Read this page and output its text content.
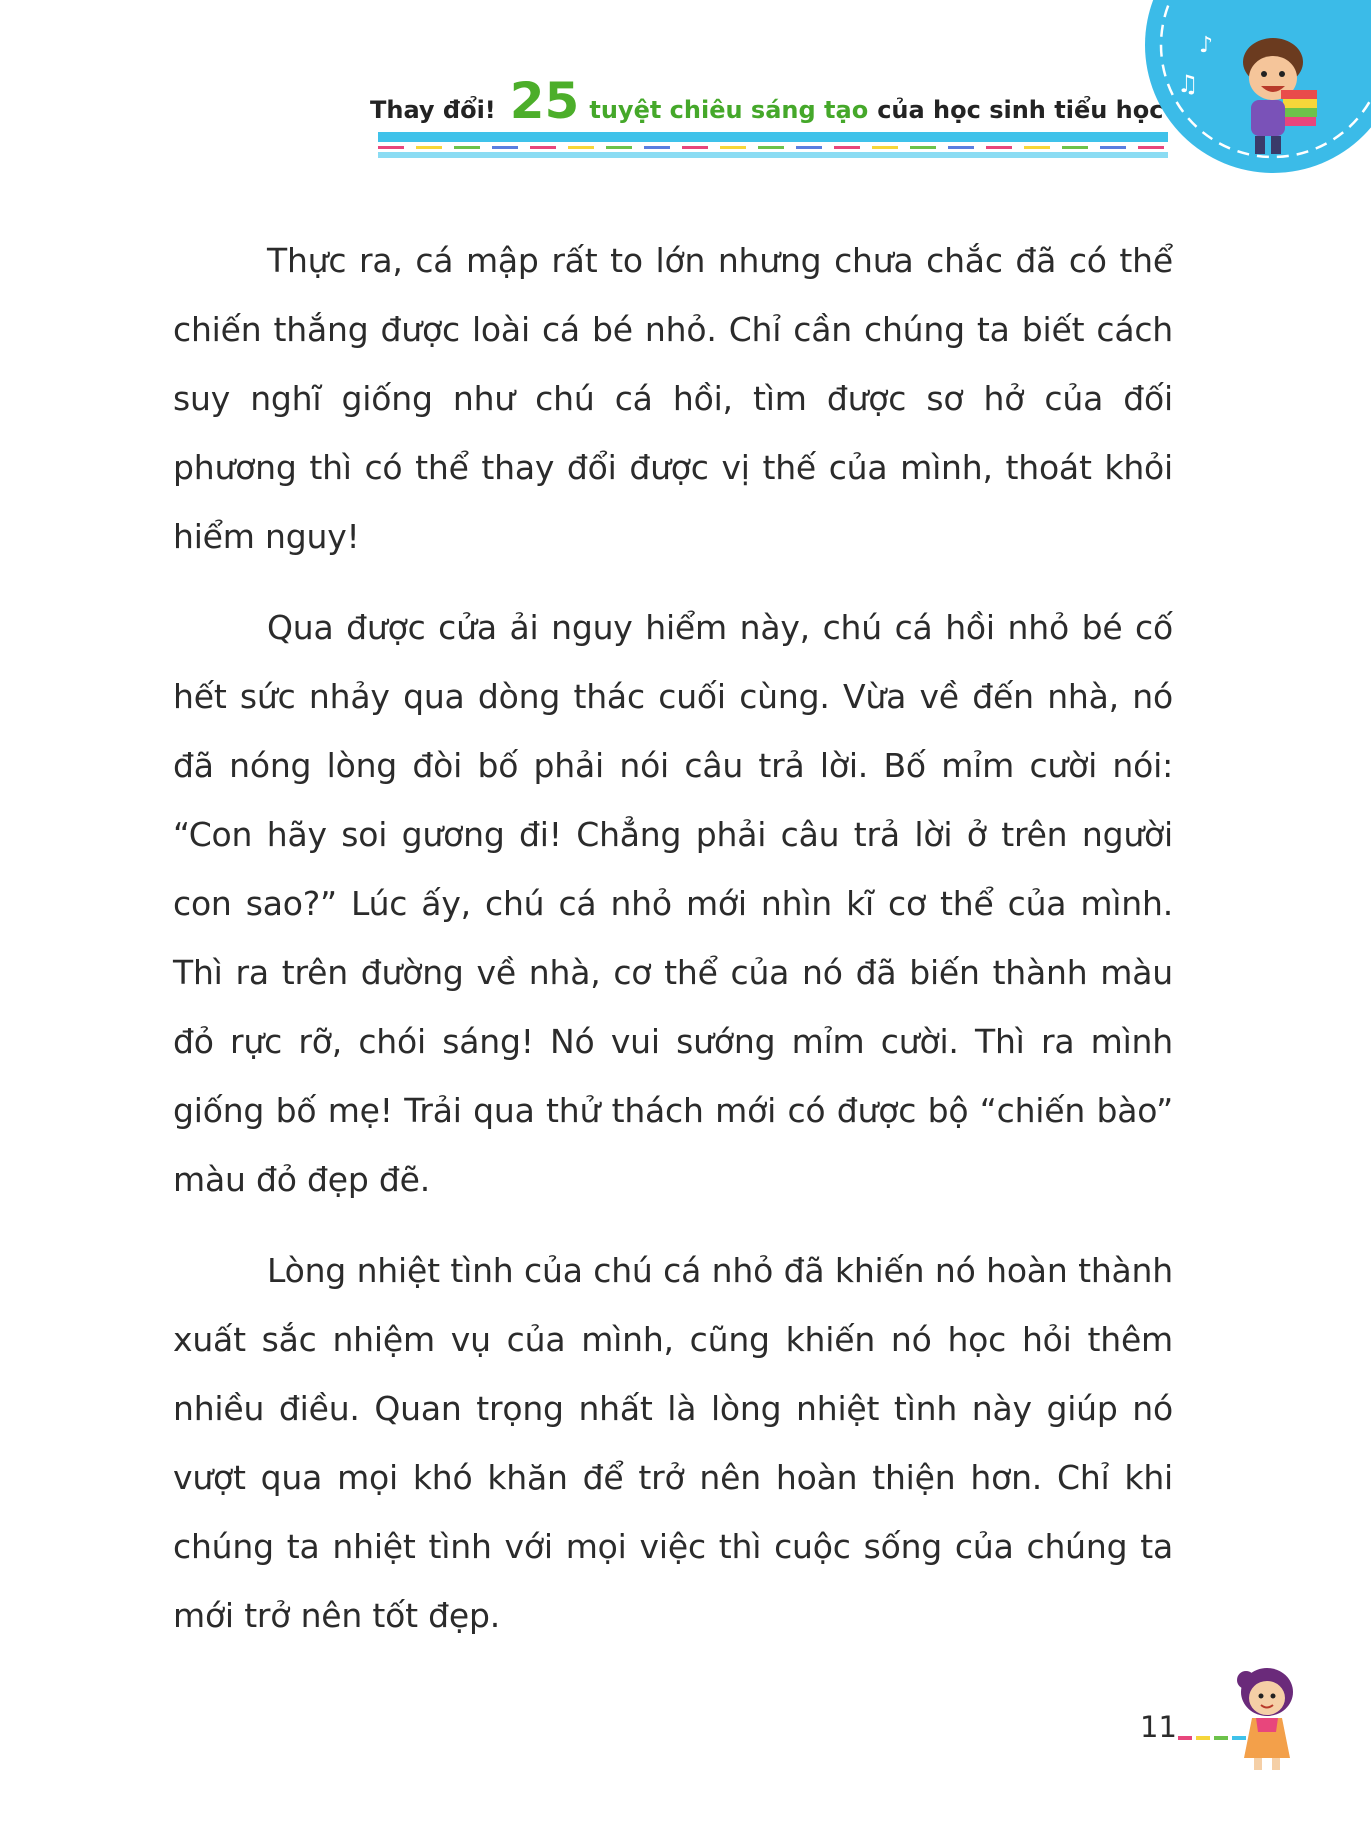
Thay đổi! 25 tuyệt chiêu sáng tạo của học sinh tiểu học
♪
♫

Thực ra, cá mập rất to lớn nhưng chưa chắc đã có thể chiến thắng được loài cá bé nhỏ. Chỉ cần chúng ta biết cách suy nghĩ giống như chú cá hồi, tìm được sơ hở của đối phương thì có thể thay đổi được vị thế của mình, thoát khỏi hiểm nguy!

Qua được cửa ải nguy hiểm này, chú cá hồi nhỏ bé cố hết sức nhảy qua dòng thác cuối cùng. Vừa về đến nhà, nó đã nóng lòng đòi bố phải nói câu trả lời. Bố mỉm cười nói: “Con hãy soi gương đi! Chẳng phải câu trả lời ở trên người con sao?” Lúc ấy, chú cá nhỏ mới nhìn kĩ cơ thể của mình. Thì ra trên đường về nhà, cơ thể của nó đã biến thành màu đỏ rực rỡ, chói sáng! Nó vui sướng mỉm cười. Thì ra mình giống bố mẹ! Trải qua thử thách mới có được bộ “chiến bào” màu đỏ đẹp đẽ.

Lòng nhiệt tình của chú cá nhỏ đã khiến nó hoàn thành xuất sắc nhiệm vụ của mình, cũng khiến nó học hỏi thêm nhiều điều. Quan trọng nhất là lòng nhiệt tình này giúp nó vượt qua mọi khó khăn để trở nên hoàn thiện hơn. Chỉ khi chúng ta nhiệt tình với mọi việc thì cuộc sống của chúng ta mới trở nên tốt đẹp.

11
